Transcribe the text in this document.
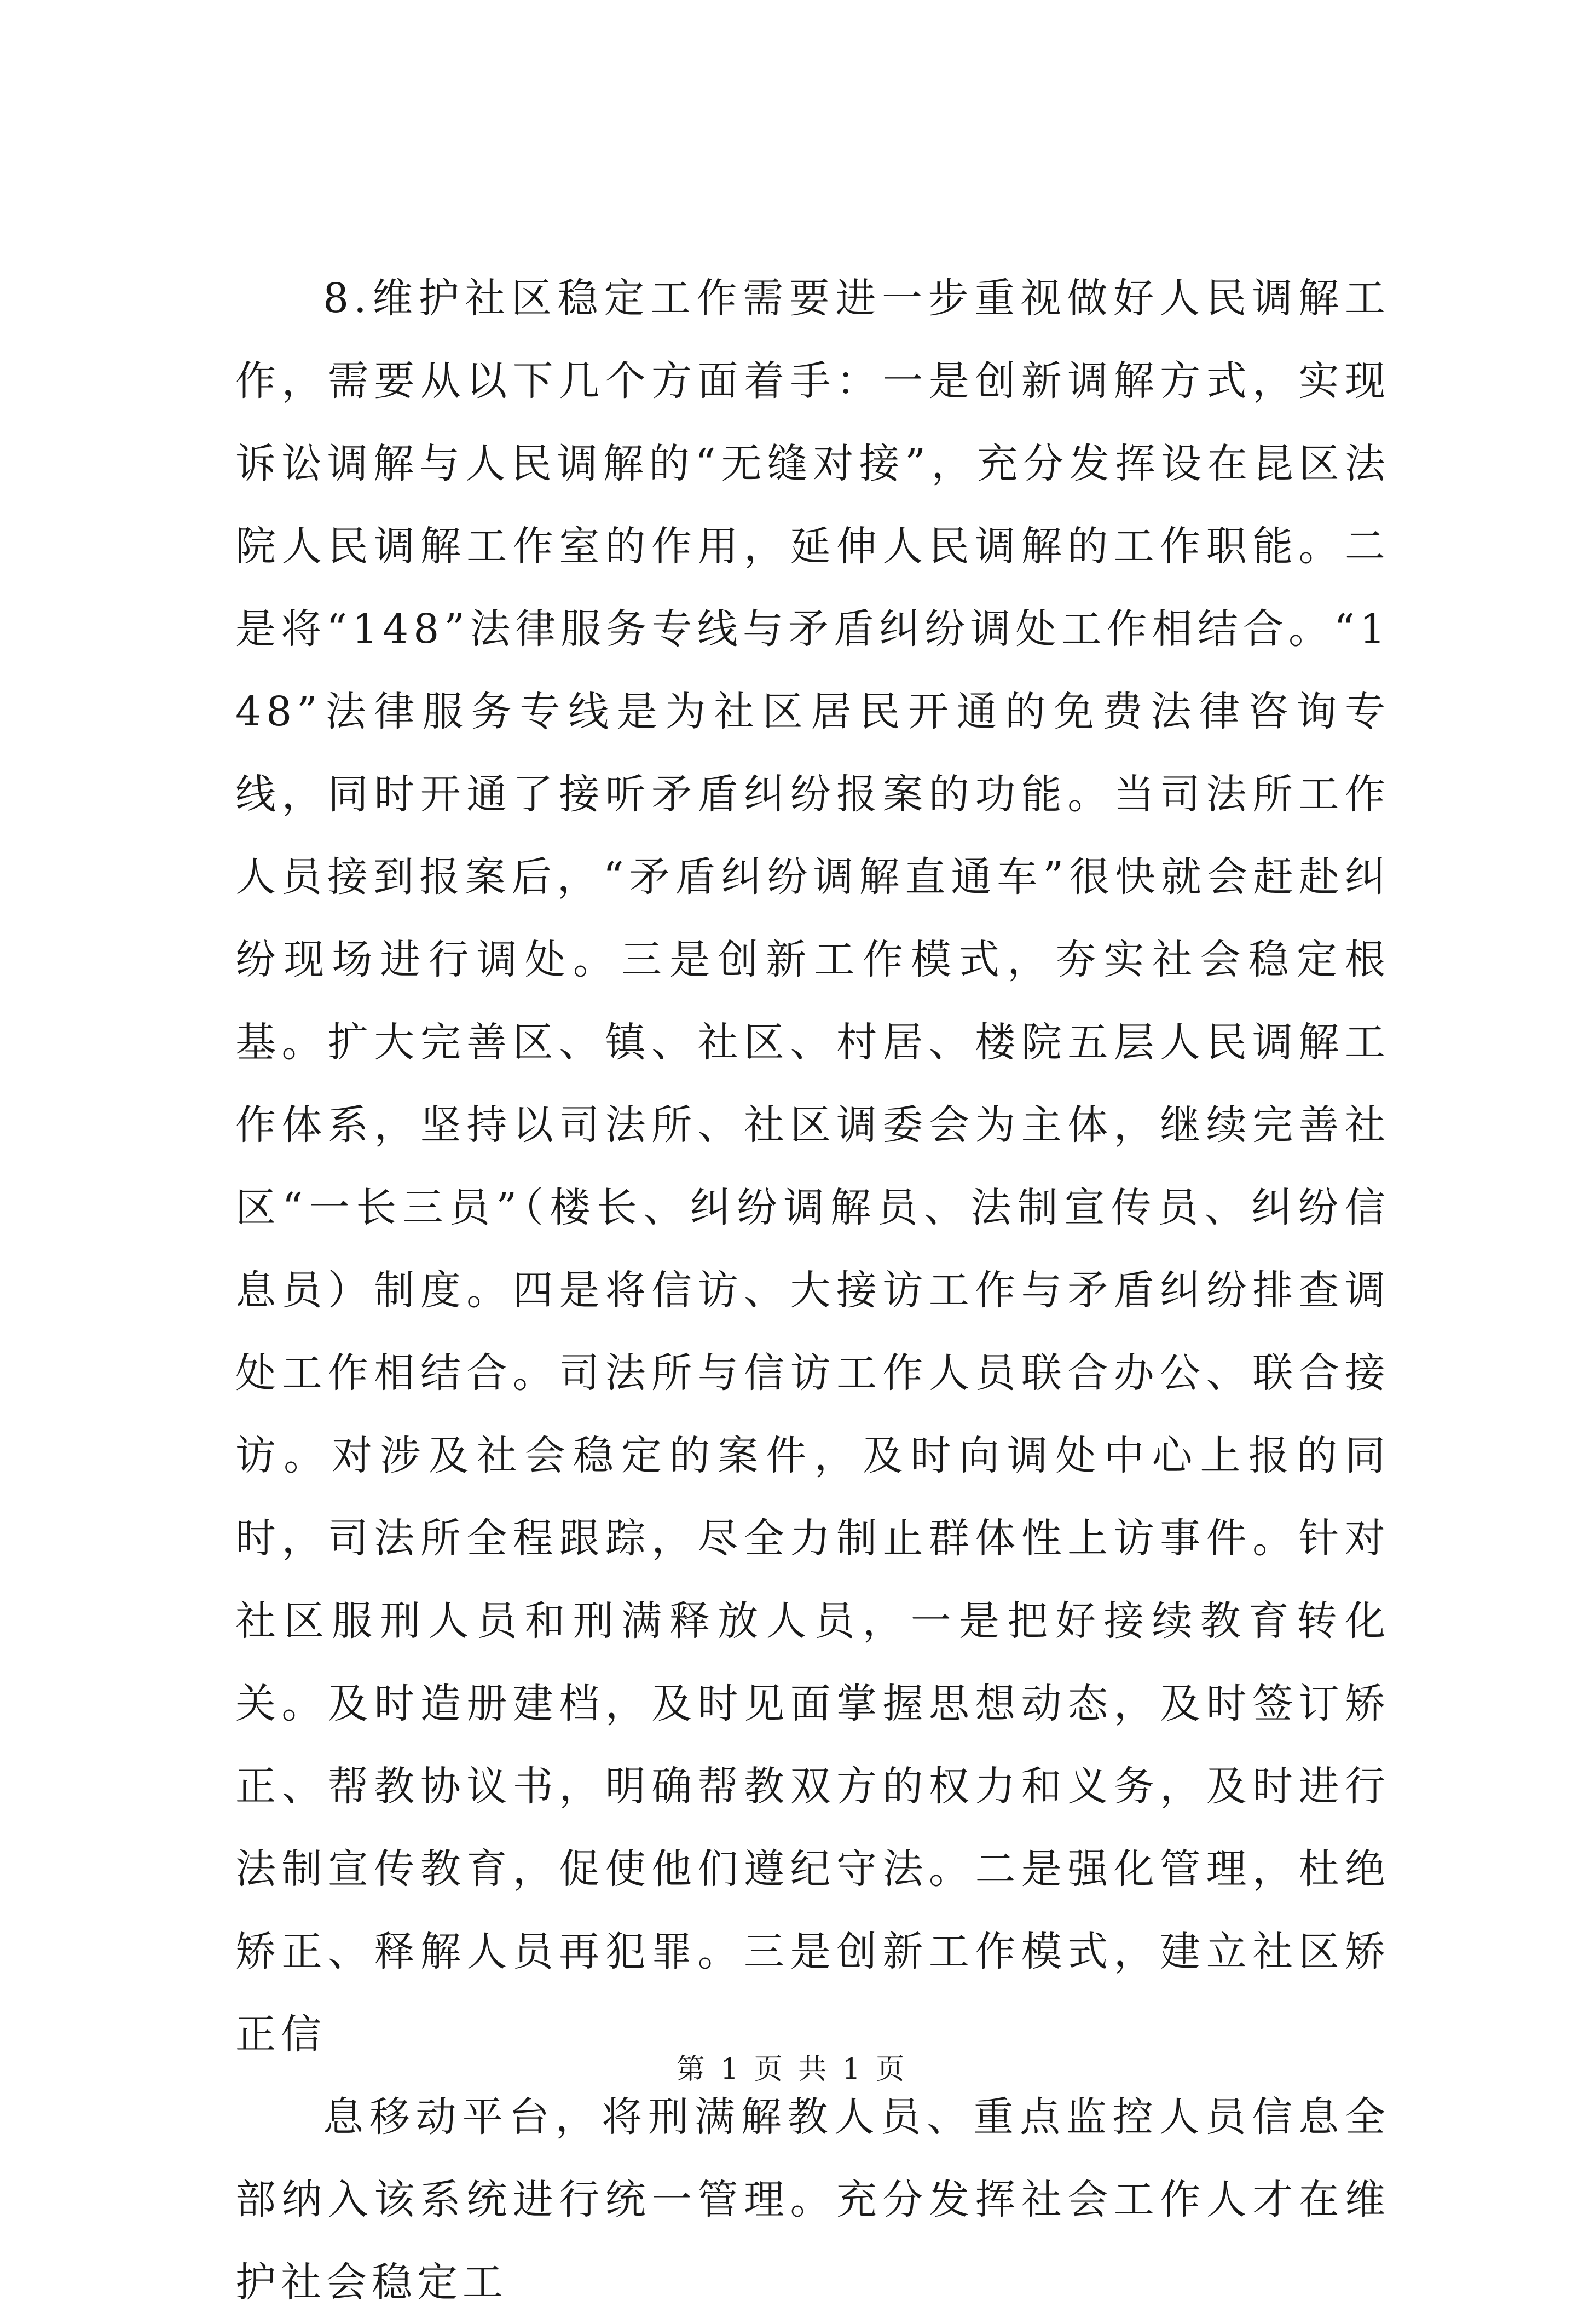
8.维护社区稳定工作需要进一步重视做好人民调解工作，需要从以下几个方面着手：一是创新调解方式，实现诉讼调解与人民调解的“无缝对接”，充分发挥设在昆区法院人民调解工作室的作用，延伸人民调解的工作职能。二是将“148”法律服务专线与矛盾纠纷调处工作相结合。“148”法律服务专线是为社区居民开通的免费法律咨询专线，同时开通了接听矛盾纠纷报案的功能。当司法所工作人员接到报案后，“矛盾纠纷调解直通车”很快就会赶赴纠纷现场进行调处。三是创新工作模式，夯实社会稳定根基。扩大完善区、镇、社区、村居、楼院五层人民调解工作体系，坚持以司法所、社区调委会为主体，继续完善社区“一长三员”（楼长、纠纷调解员、法制宣传员、纠纷信息员）制度。四是将信访、大接访工作与矛盾纠纷排查调处工作相结合。司法所与信访工作人员联合办公、联合接访。对涉及社会稳定的案件，及时向调处中心上报的同时，司法所全程跟踪，尽全力制止群体性上访事件。针对社区服刑人员和刑满释放人员，一是把好接续教育转化关。及时造册建档，及时见面掌握思想动态，及时签订矫正、帮教协议书，明确帮教双方的权力和义务，及时进行法制宣传教育，促使他们遵纪守法。二是强化管理，杜绝矫正、释解人员再犯罪。三是创新工作模式，建立社区矫正信

息移动平台，将刑满解教人员、重点监控人员信息全部纳入该系统进行统一管理。充分发挥社会工作人才在维护社会稳定工

第 1 页 共 1 页
